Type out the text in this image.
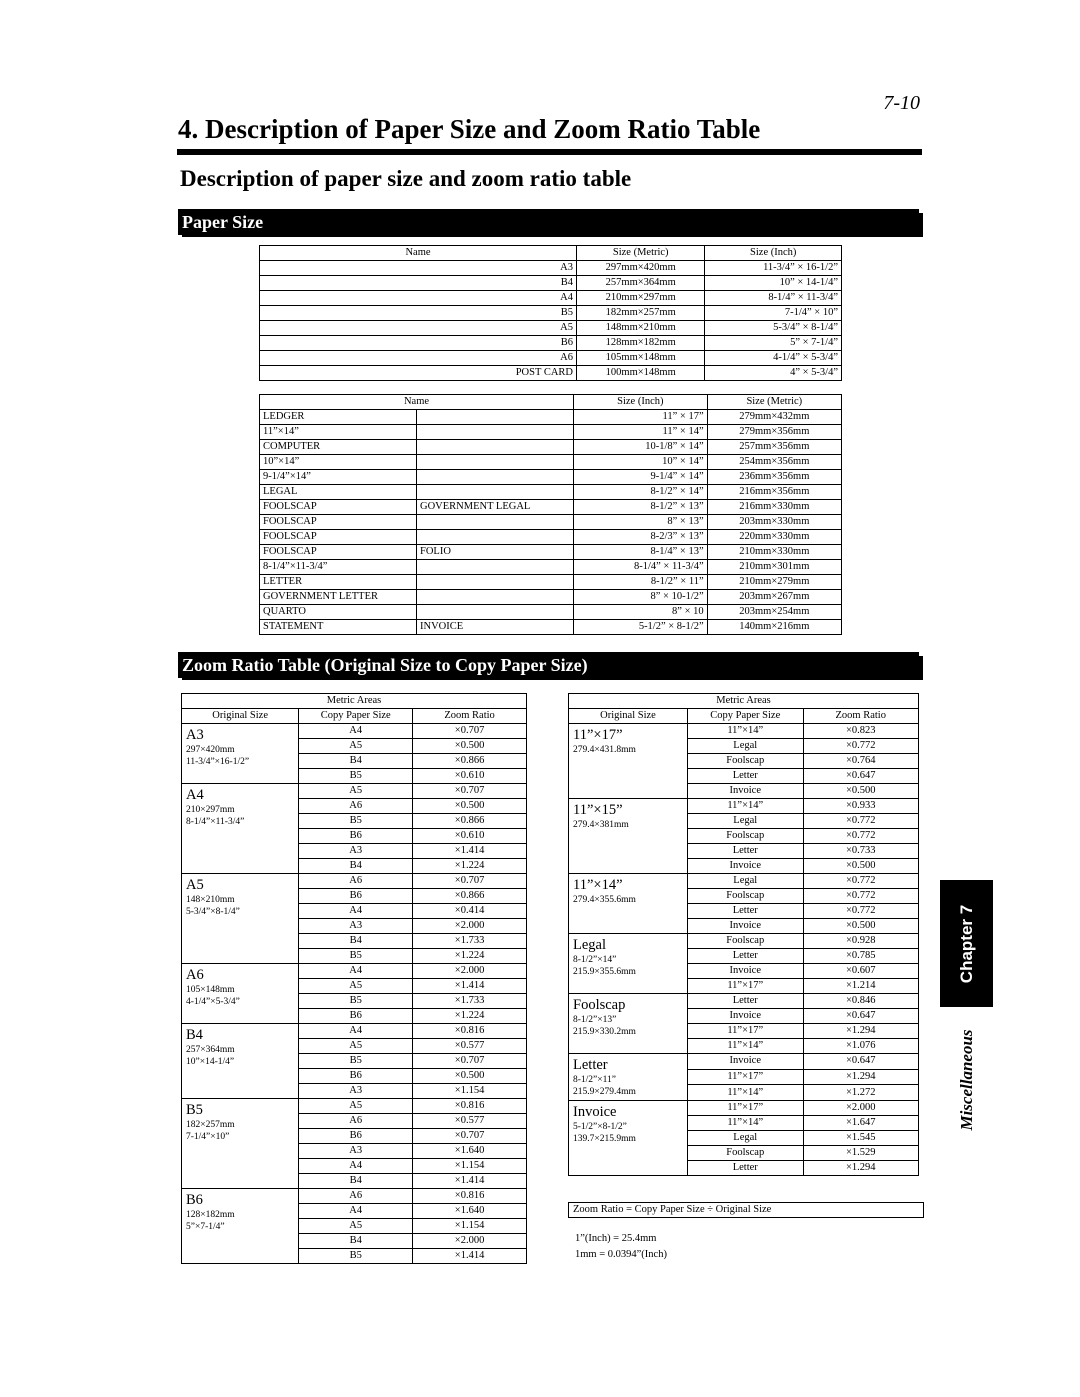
7-10
4. Description of Paper Size and Zoom Ratio Table
Description of paper size and zoom ratio table
Paper Size
Name	Size (Metric)	Size (Inch)
A3	297mm×420mm	11-3/4” × 16-1/2”
B4	257mm×364mm	10” × 14-1/4”
A4	210mm×297mm	8-1/4” × 11-3/4”
B5	182mm×257mm	7-1/4” × 10”
A5	148mm×210mm	5-3/4” × 8-1/4”
B6	128mm×182mm	5” × 7-1/4”
A6	105mm×148mm	4-1/4” × 5-3/4”
POST CARD	100mm×148mm	4” × 5-3/4”
Name		Size (Inch)	Size (Metric)
LEDGER		11” × 17”	279mm×432mm
11”×14”		11” × 14”	279mm×356mm
COMPUTER		10-1/8” × 14”	257mm×356mm
10”×14”		10” × 14”	254mm×356mm
9-1/4”×14”		9-1/4” × 14”	236mm×356mm
LEGAL		8-1/2” × 14”	216mm×356mm
FOOLSCAP	GOVERNMENT LEGAL	8-1/2” × 13”	216mm×330mm
FOOLSCAP		8” × 13”	203mm×330mm
FOOLSCAP		8-2/3” × 13”	220mm×330mm
FOOLSCAP	FOLIO	8-1/4” × 13”	210mm×330mm
8-1/4”×11-3/4”		8-1/4” × 11-3/4”	210mm×301mm
LETTER		8-1/2” × 11”	210mm×279mm
GOVERNMENT LETTER		8” × 10-1/2”	203mm×267mm
QUARTO		8” × 10	203mm×254mm
STATEMENT	INVOICE	5-1/2” × 8-1/2”	140mm×216mm
Zoom Ratio Table (Original Size to Copy Paper Size)
Metric Areas		
Original Size	Copy Paper Size	Zoom Ratio

A3
297×420mm
11-3/4”×16-1/2”	A4	×0.707
	A5	×0.500
	B4	×0.866
	B5	×0.610

A4
210×297mm
8-1/4”×11-3/4”	A5	×0.707
	A6	×0.500
	B5	×0.866
	B6	×0.610
	A3	×1.414
	B4	×1.224

A5
148×210mm
5-3/4”×8-1/4”	A6	×0.707
	B6	×0.866
	A4	×0.414
	A3	×2.000
	B4	×1.733
	B5	×1.224

A6
105×148mm
4-1/4”×5-3/4”	A4	×2.000
	A5	×1.414
	B5	×1.733
	B6	×1.224

B4
257×364mm
10”×14-1/4”	A4	×0.816
	A5	×0.577
	B5	×0.707
	B6	×0.500
	A3	×1.154

B5
182×257mm
7-1/4”×10”	A5	×0.816
	A6	×0.577
	B6	×0.707
	A3	×1.640
	A4	×1.154
	B4	×1.414

B6
128×182mm
5”×7-1/4”	A6	×0.816
	A4	×1.640
	A5	×1.154
	B4	×2.000
	B5	×1.414
Metric Areas		
Original Size	Copy Paper Size	Zoom Ratio

11”×17”
279.4×431.8mm	11”×14”	×0.823
	Legal	×0.772
	Foolscap	×0.764
	Letter	×0.647
	Invoice	×0.500

11”×15”
279.4×381mm	11”×14”	×0.933
	Legal	×0.772
	Foolscap	×0.772
	Letter	×0.733
	Invoice	×0.500

11”×14”
279.4×355.6mm	Legal	×0.772
	Foolscap	×0.772
	Letter	×0.772
	Invoice	×0.500

Legal
8-1/2”×14”
215.9×355.6mm	Foolscap	×0.928
	Letter	×0.785
	Invoice	×0.607
	11”×17”	×1.214

Foolscap
8-1/2”×13”
215.9×330.2mm	Letter	×0.846
	Invoice	×0.647
	11”×17”	×1.294
	11”×14”	×1.076

Letter
8-1/2”×11”
215.9×279.4mm	Invoice	×0.647
	11”×17”	×1.294
	11”×14”	×1.272

Invoice
5-1/2”×8-1/2”
139.7×215.9mm	11”×17”	×2.000
	11”×14”	×1.647
	Legal	×1.545
	Foolscap	×1.529
	Letter	×1.294
Zoom Ratio = Copy Paper Size ÷ Original Size
1”(Inch) = 25.4mm
1mm = 0.0394”(Inch)
Chapter 7
Miscellaneous
